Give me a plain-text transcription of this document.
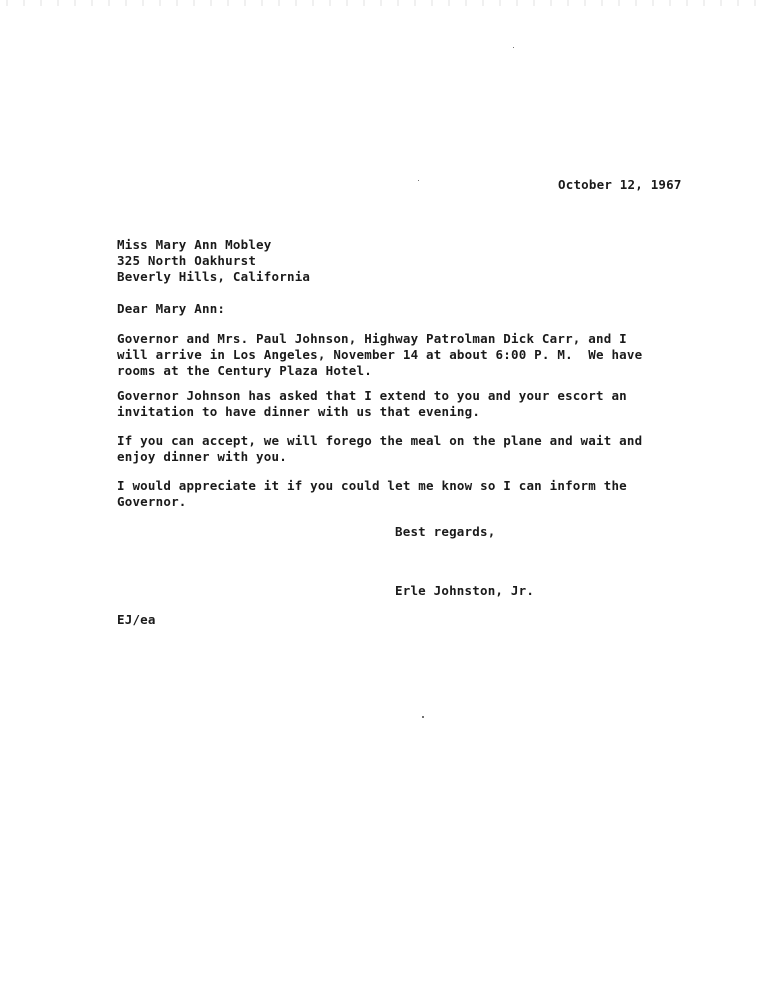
October 12, 1967
Miss Mary Ann Mobley
325 North Oakhurst
Beverly Hills, California
Dear Mary Ann:
Governor and Mrs. Paul Johnson, Highway Patrolman Dick Carr, and I
will arrive in Los Angeles, November 14 at about 6:00 P. M.  We have
rooms at the Century Plaza Hotel.
Governor Johnson has asked that I extend to you and your escort an
invitation to have dinner with us that evening.
If you can accept, we will forego the meal on the plane and wait and
enjoy dinner with you.
I would appreciate it if you could let me know so I can inform the
Governor.
Best regards,
Erle Johnston, Jr.
EJ/ea
